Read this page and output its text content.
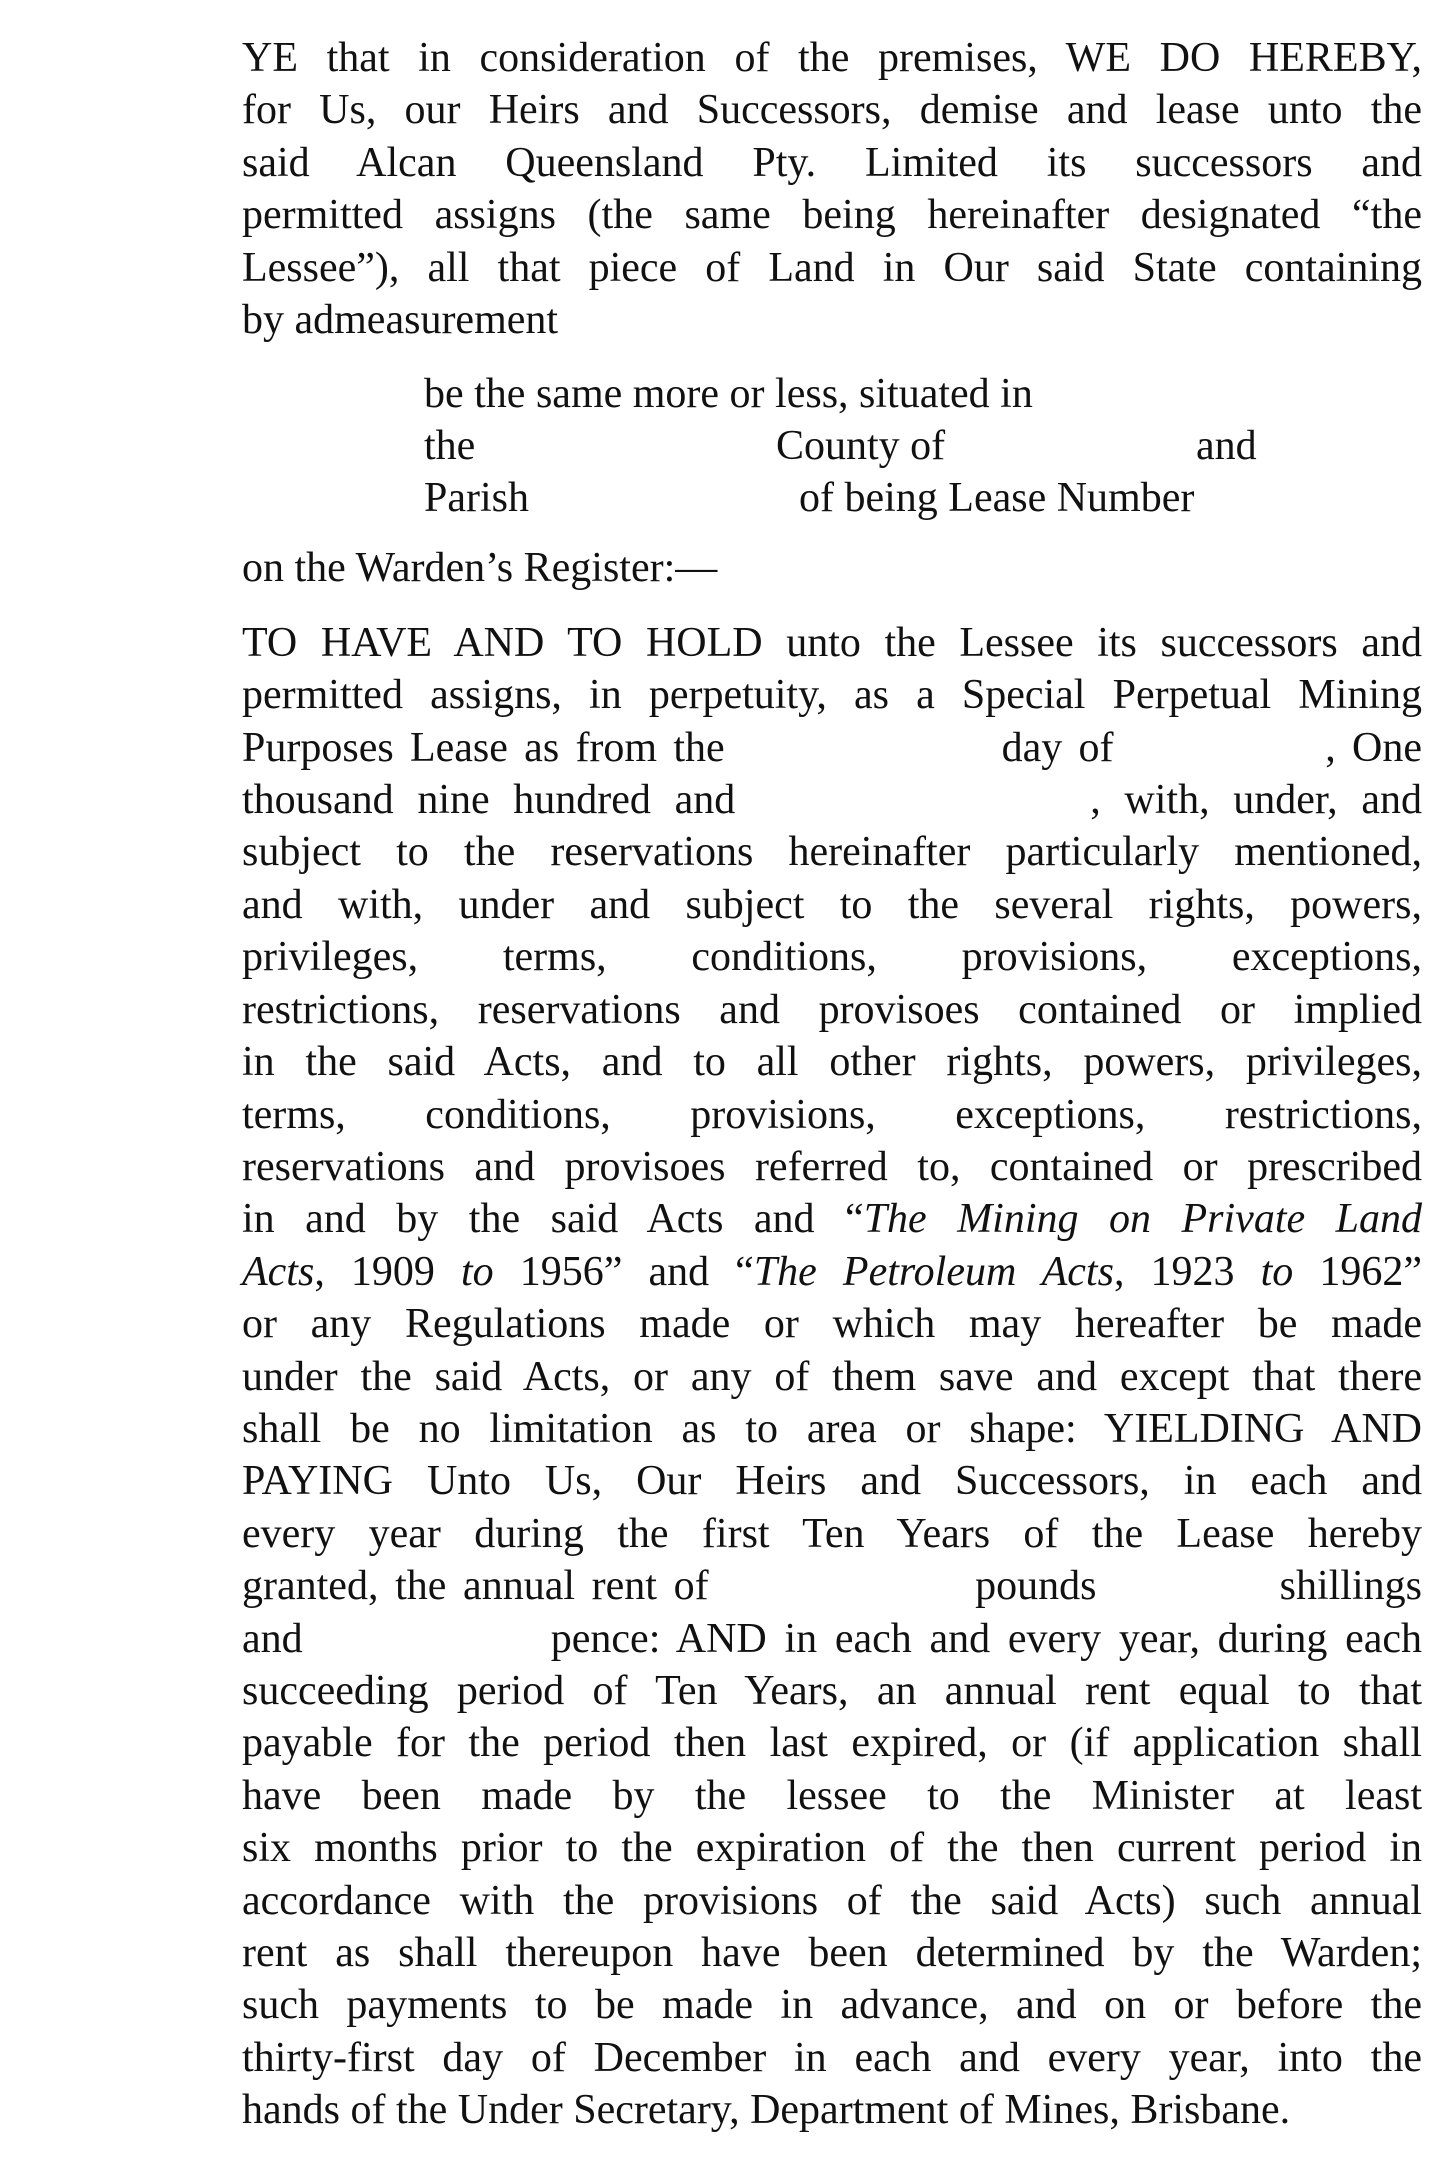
YE that in consideration of the premises, WE DO HEREBY,
for Us, our Heirs and Successors, demise and lease unto the
said Alcan Queensland Pty. Limited its successors and
permitted assigns (the same being hereinafter designated “the
Lessee”), all that piece of Land in Our said State containing
by admeasurement
be the same more or less, situated in
the	County of	and
Parish	of being Lease Number

on the Warden’s Register:—

TO HAVE AND TO HOLD unto the Lessee its successors and
permitted assigns, in perpetuity, as a Special Perpetual Mining
Purposes Lease as from the                 day of             , One
thousand nine hundred and               , with, under, and
subject to the reservations hereinafter particularly mentioned,
and with, under and subject to the several rights, powers,
privileges, terms, conditions, provisions, exceptions,
restrictions, reservations and provisoes contained or implied
in the said Acts, and to all other rights, powers, privileges,
terms, conditions, provisions, exceptions, restrictions,
reservations and provisoes referred to, contained or prescribed
in and by the said Acts and “The Mining on Private Land
Acts, 1909 to 1956” and “The Petroleum Acts, 1923 to 1962”
or any Regulations made or which may hereafter be made
under the said Acts, or any of them save and except that there
shall be no limitation as to area or shape: YIELDING AND
PAYING Unto Us, Our Heirs and Successors, in each and
every year during the first Ten Years of the Lease hereby
granted, the annual rent of                pounds           shillings
and              pence: AND in each and every year, during each
succeeding period of Ten Years, an annual rent equal to that
payable for the period then last expired, or (if application shall
have been made by the lessee to the Minister at least
six months prior to the expiration of the then current period in
accordance with the provisions of the said Acts) such annual
rent as shall thereupon have been determined by the Warden;
such payments to be made in advance, and on or before the
thirty-first day of December in each and every year, into the
hands of the Under Secretary, Department of Mines, Brisbane.
